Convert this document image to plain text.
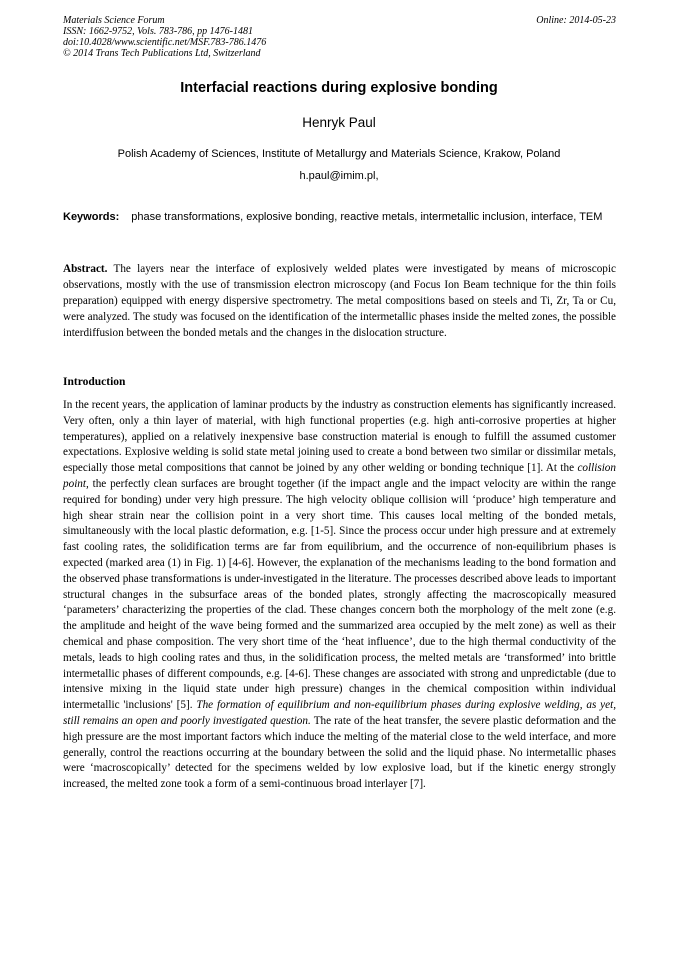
Materials Science Forum
ISSN: 1662-9752, Vols. 783-786, pp 1476-1481
doi:10.4028/www.scientific.net/MSF.783-786.1476
© 2014 Trans Tech Publications Ltd, Switzerland
Online: 2014-05-23
Interfacial reactions during explosive bonding
Henryk Paul
Polish Academy of Sciences, Institute of Metallurgy and Materials Science, Krakow, Poland
h.paul@imim.pl,
Keywords: phase transformations, explosive bonding, reactive metals, intermetallic inclusion, interface, TEM
Abstract. The layers near the interface of explosively welded plates were investigated by means of microscopic observations, mostly with the use of transmission electron microscopy (and Focus Ion Beam technique for the thin foils preparation) equipped with energy dispersive spectrometry. The metal compositions based on steels and Ti, Zr, Ta or Cu, were analyzed. The study was focused on the identification of the intermetallic phases inside the melted zones, the possible interdiffusion between the bonded metals and the changes in the dislocation structure.
Introduction
In the recent years, the application of laminar products by the industry as construction elements has significantly increased. Very often, only a thin layer of material, with high functional properties (e.g. high anti-corrosive properties at higher temperatures), applied on a relatively inexpensive base construction material is enough to fulfill the assumed customer expectations. Explosive welding is solid state metal joining used to create a bond between two similar or dissimilar metals, especially those metal compositions that cannot be joined by any other welding or bonding technique [1]. At the collision point, the perfectly clean surfaces are brought together (if the impact angle and the impact velocity are within the range required for bonding) under very high pressure. The high velocity oblique collision will ‘produce’ high temperature and high shear strain near the collision point in a very short time. This causes local melting of the bonded metals, simultaneously with the local plastic deformation, e.g. [1-5]. Since the process occur under high pressure and at extremely fast cooling rates, the solidification terms are far from equilibrium, and the occurrence of non-equilibrium phases is expected (marked area (1) in Fig. 1) [4-6]. However, the explanation of the mechanisms leading to the bond formation and the observed phase transformations is under-investigated in the literature. The processes described above leads to important structural changes in the subsurface areas of the bonded plates, strongly affecting the macroscopically measured ‘parameters’ characterizing the properties of the clad. These changes concern both the morphology of the melt zone (e.g. the amplitude and height of the wave being formed and the summarized area occupied by the melt zone) as well as their chemical and phase composition. The very short time of the ‘heat influence’, due to the high thermal conductivity of the metals, leads to high cooling rates and thus, in the solidification process, the melted metals are ‘transformed’ into brittle intermetallic phases of different compounds, e.g. [4-6]. These changes are associated with strong and unpredictable (due to intensive mixing in the liquid state under high pressure) changes in the chemical composition within individual intermetallic 'inclusions' [5]. The formation of equilibrium and non-equilibrium phases during explosive welding, as yet, still remains an open and poorly investigated question. The rate of the heat transfer, the severe plastic deformation and the high pressure are the most important factors which induce the melting of the material close to the weld interface, and more generally, control the reactions occurring at the boundary between the solid and the liquid phase. No intermetallic phases were ‘macroscopically’ detected for the specimens welded by low explosive load, but if the kinetic energy strongly increased, the melted zone took a form of a semi-continuous broad interlayer [7].
